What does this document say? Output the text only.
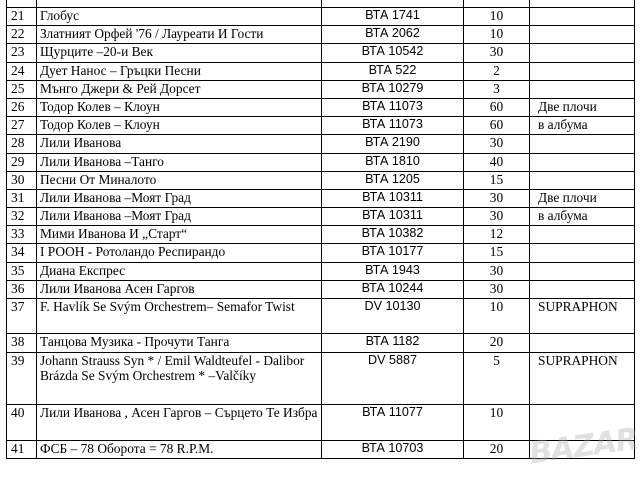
21	Глобус	ВТА 1741	10	
22	Златният Орфей '76 / Лауреати И Гости	ВТА 2062	10	
23	Щурците –20-и Век	ВТА 10542	30	
24	Дует Нанос – Гръцки Песни	ВТА 522	2	
25	Мънго Джери & Рей Дорсет	ВТА 10279	3	
26	Тодор Колев – Клоун	ВТА 11073	60	Две плочи
27	Тодор Колев – Клоун	ВТА 11073	60	в албума
28	Лили Иванова	ВТА 2190	30	
29	Лили Иванова –Танго	ВТА 1810	40	
30	Песни От Миналото	ВТА 1205	15	
31	Лили Иванова –Моят Град	ВТА 10311	30	Две плочи
32	Лили Иванова –Моят Град	ВТА 10311	30	в албума
33	Мими Иванова И „Старт“	ВТА 10382	12	
34	I РООН - Ротоландо Респирандо	ВТА 10177	15	
35	Диана Експрес	ВТА 1943	30	
36	Лили Иванова Асен Гаргов	ВТА 10244	30	
37	F. Havlík Se Svým Orchestrem– Semafor Twist	DV 10130	10	SUPRAPHON
38	Танцова Музика - Прочути Танга	ВТА 1182	20	
39	Johann Strauss Syn * / Emil Waldteufel - Dalibor Brázda Se Svým Orchestrem * –Valčíky	DV 5887	5	SUPRAPHON
40	Лили Иванова , Асен Гаргов – Сърцето Те Избра	ВТА 11077	10	
41	ФСБ – 78 Оборота = 78 R.P.M.	ВТА 10703	20	BAZAR
